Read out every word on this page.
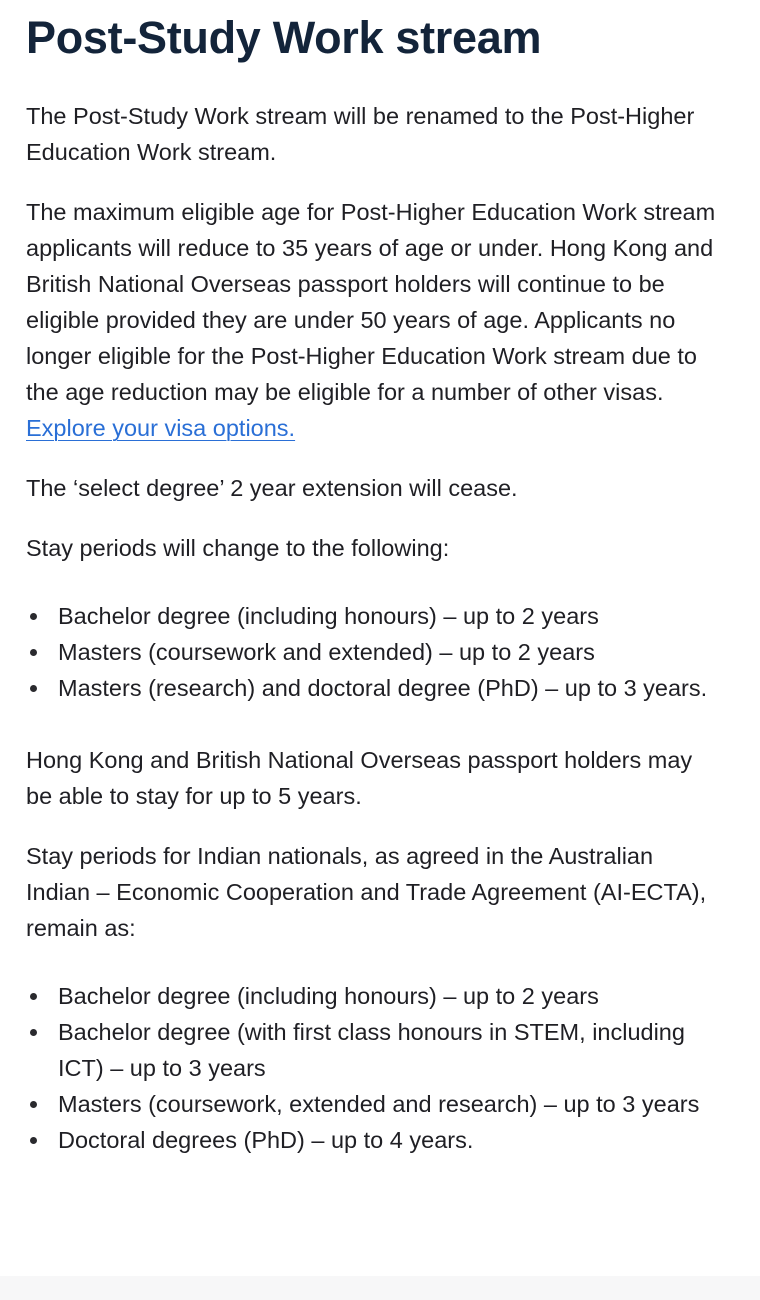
Post-Study Work stream

The Post-Study Work stream will be renamed to the Post-Higher Education Work stream.

The maximum eligible age for Post-Higher Education Work stream applicants will reduce to 35 years of age or under. Hong Kong and British National Overseas passport holders will continue to be eligible provided they are under 50 years of age. Applicants no longer eligible for the Post-Higher Education Work stream due to the age reduction may be eligible for a number of other visas. Explore your visa options.

The ‘select degree’ 2 year extension will cease.

Stay periods will change to the following:

Bachelor degree (including honours) – up to 2 years
Masters (coursework and extended) – up to 2 years
Masters (research) and doctoral degree (PhD) – up to 3 years.

Hong Kong and British National Overseas passport holders may be able to stay for up to 5 years.

Stay periods for Indian nationals, as agreed in the Australian Indian – Economic Cooperation and Trade Agreement (AI-ECTA), remain as:

Bachelor degree (including honours) – up to 2 years
Bachelor degree (with first class honours in STEM, including ICT) – up to 3 years
Masters (coursework, extended and research) – up to 3 years
Doctoral degrees (PhD) – up to 4 years.
